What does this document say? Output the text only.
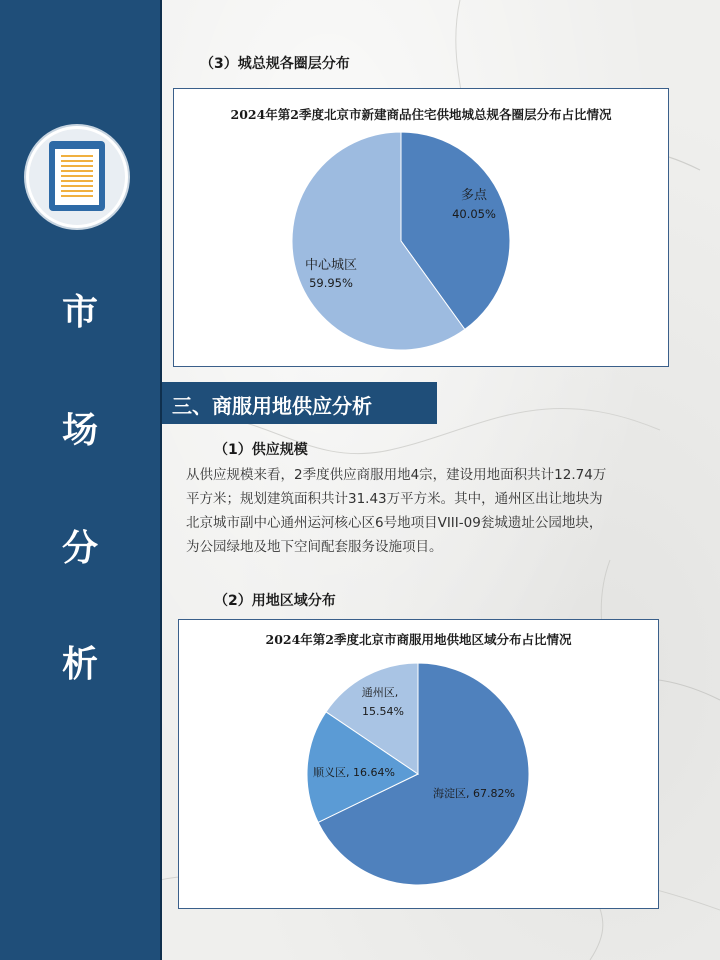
市
场
分
析
（3）城总规各圈层分布
2024年第2季度北京市新建商品住宅供地城总规各圈层分布占比情况
多点
40.05%
中心城区
59.95%
三、商服用地供应分析
（1）供应规模
从供应规模来看，2季度供应商服用地4宗，建设用地面积共计12.74万
平方米；规划建筑面积共计31.43万平方米。其中，通州区出让地块为
北京城市副中心通州运河核心区6号地项目VIII-09瓮城遗址公园地块，
为公园绿地及地下空间配套服务设施项目。
（2）用地区域分布
2024年第2季度北京市商服用地供地区域分布占比情况
海淀区, 67.82%
顺义区, 16.64%
通州区,
15.54%
